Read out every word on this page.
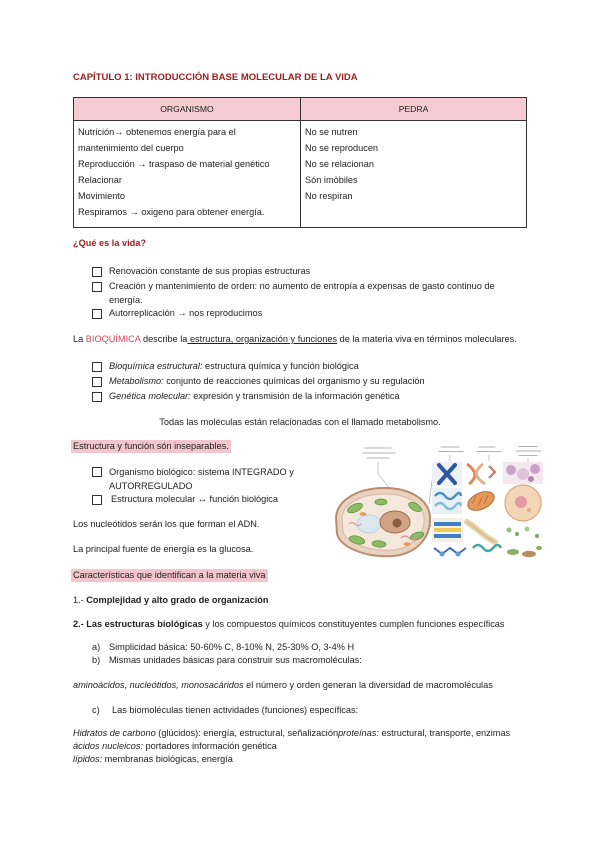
CAPÍTULO 1: INTRODUCCIÓN BASE MOLECULAR DE LA VIDA
ORGANISMO	PEDRA
Nutrición→ obtenemos energía para el
mantenimiento del cuerpo
Reproducción → traspaso de material genético
Relacionar
Movimiento
Respiramos → oxigeno para obtener energía.
No se nutren
No se reproducen
No se relacionan
Són imòbiles
No respiran
¿Qué es la vida?
Renovación constante de sus propias estructuras
Creación y mantenimiento de orden: no aumento de entropía a expensas de gasto continuo de
energía.
Autorreplicación → nos reproducimos
La BIOQUÍMICA describe la estructura, organización y funciones de la materia viva en términos moleculares.
Bioquímica estructural: estructura química y función biológica
Metabolismo: conjunto de reacciones químicas del organismo y su regulación
Genética molecular: expresión y transmisión de la información genética
Todas las moléculas están relacionadas con el llamado metabolismo.
Estructura y función són inseparables.
Organismo biológico: sistema INTEGRADO y
AUTORREGULADO
Estructura molecular ↔ función biológica
Los nucleótidos serán los que forman el ADN.
La principal fuente de energía es la glucosa.
Características que identifican a la materia viva
1.- Complejidad y alto grado de organización
2.- Las estructuras biológicas y los compuestos químicos constituyentes cumplen funciones específicas
a) Simplicidad básica: 50-60% C, 8-10% N, 25-30% O, 3-4% H
b) Mismas unidades básicas para construir sus macromoléculas:
aminoácidos, nucleótidos, monosacáridos el número y orden generan la diversidad de macromoléculas
c) Las biomoléculas tienen actividades (funciones) específicas:
Hidratos de carbono (glúcidos): energía, estructural, señalizaciónproteínas: estructural, transporte, enzimas
ácidos nucleicos: portadores información genética
lípidos: membranas biológicas, energía
